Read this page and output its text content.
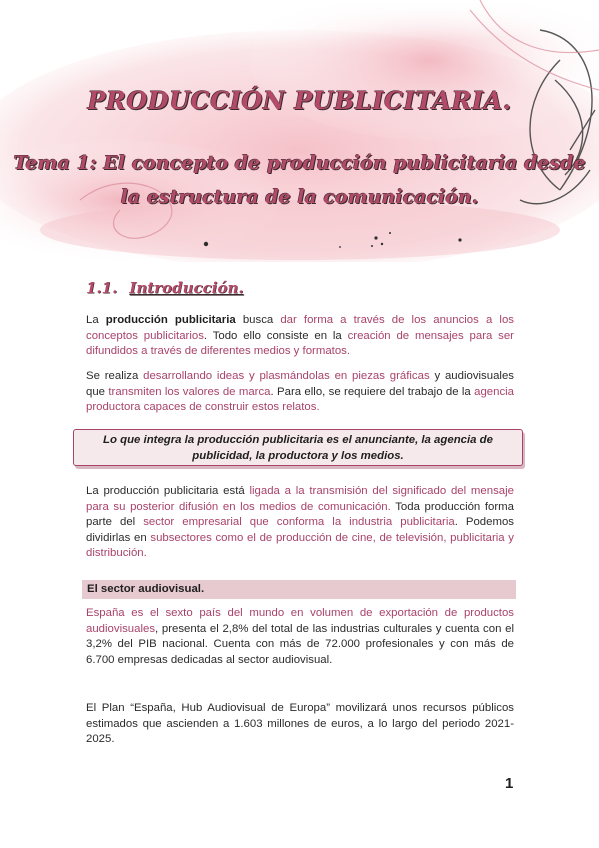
PRODUCCIÓN PUBLICITARIA.
Tema 1: El concepto de producción publicitaria desde
la estructura de la comunicación.
1.1. Introducción.

La producción publicitaria busca dar forma a través de los anuncios a los conceptos publicitarios. Todo ello consiste en la creación de mensajes para ser difundidos a través de diferentes medios y formatos.

Se realiza desarrollando ideas y plasmándolas en piezas gráficas y audiovisuales que transmiten los valores de marca. Para ello, se requiere del trabajo de la agencia productora capaces de construir estos relatos.

Lo que integra la producción publicitaria es el anunciante, la agencia de publicidad, la productora y los medios.

La producción publicitaria está ligada a la transmisión del significado del mensaje para su posterior difusión en los medios de comunicación. Toda producción forma parte del sector empresarial que conforma la industria publicitaria. Podemos dividirlas en subsectores como el de producción de cine, de televisión, publicitaria y distribución.

El sector audiovisual.

España es el sexto país del mundo en volumen de exportación de productos audiovisuales, presenta el 2,8% del total de las industrias culturales y cuenta con el 3,2% del PIB nacional. Cuenta con más de 72.000 profesionales y con más de 6.700 empresas dedicadas al sector audiovisual.

El Plan “España, Hub Audiovisual de Europa” movilizará unos recursos públicos estimados que ascienden a 1.603 millones de euros, a lo largo del periodo 2021-2025.

1
